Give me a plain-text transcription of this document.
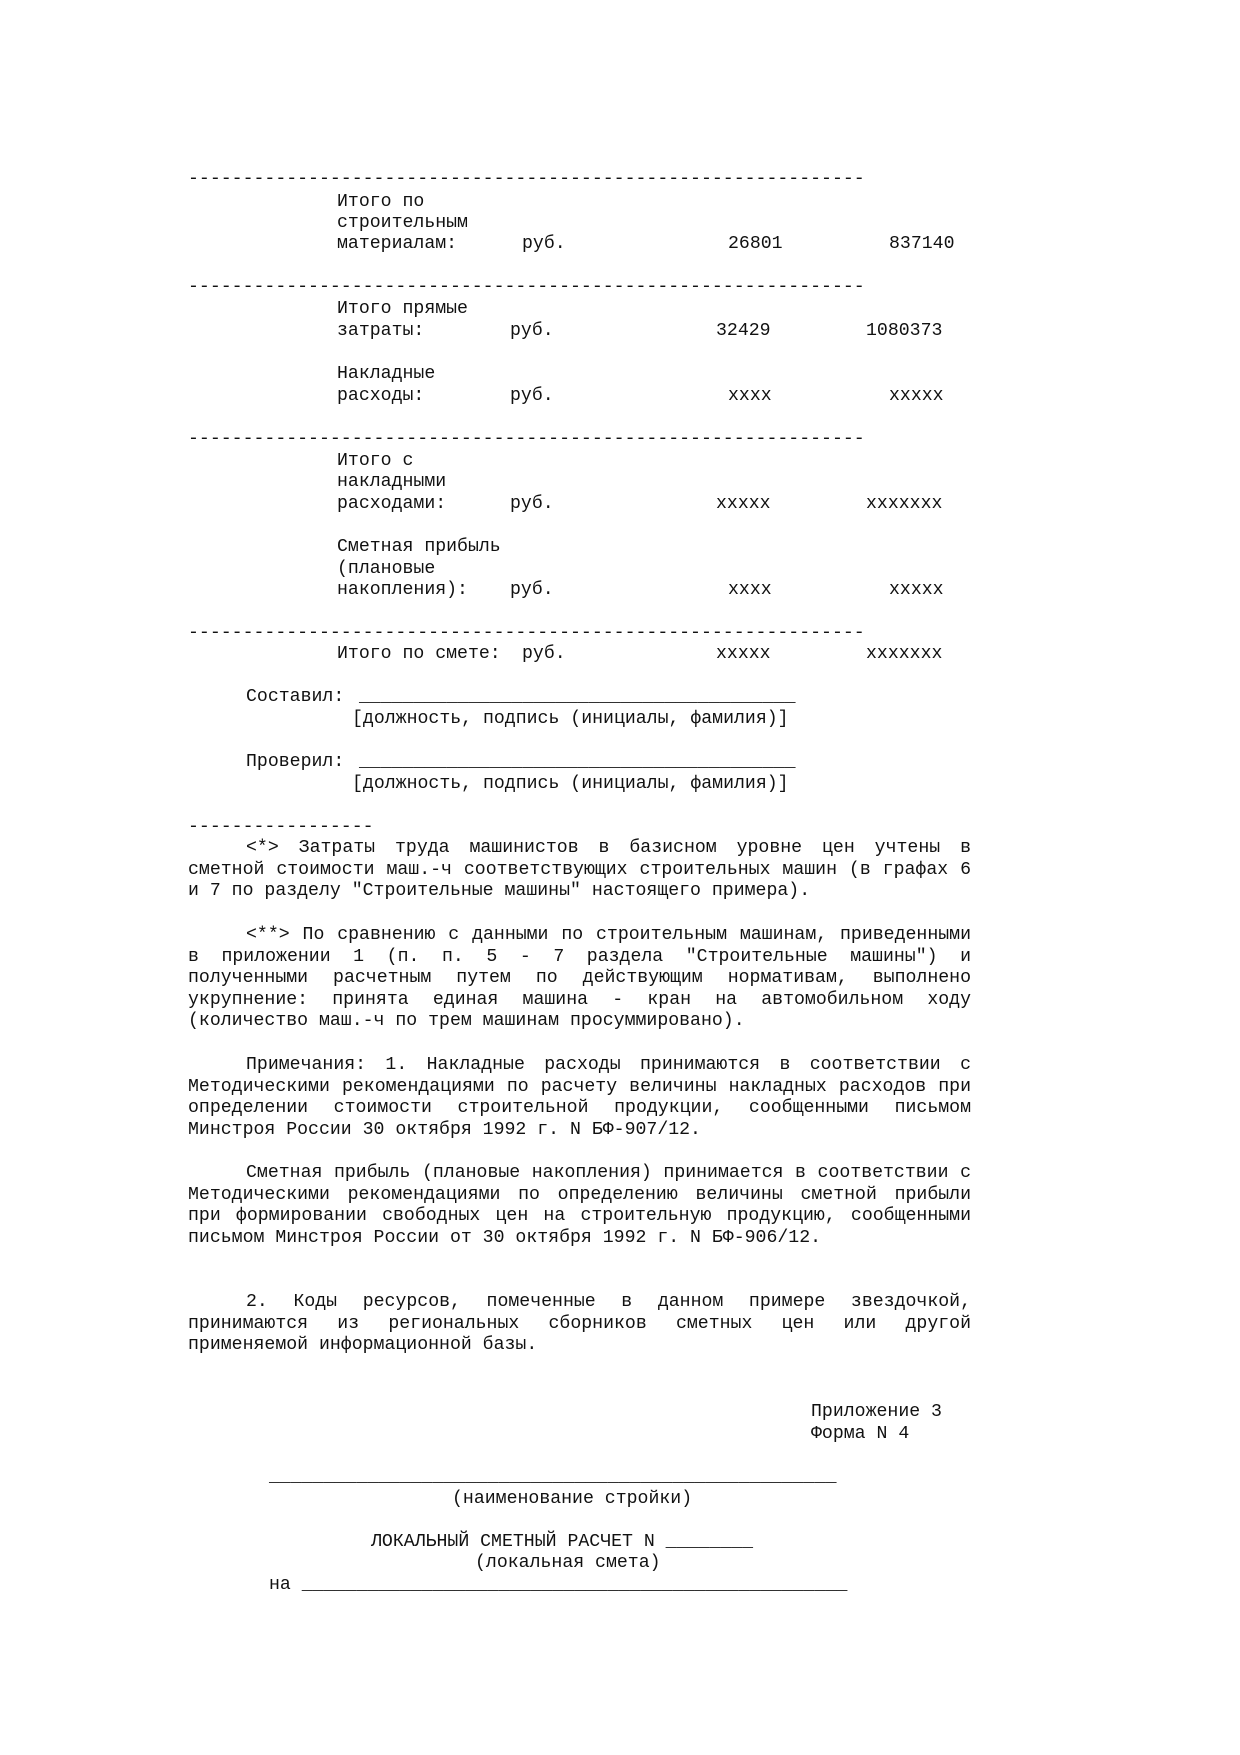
--------------------------------------------------------------
Итого по
строительным
материалам:	руб.	26801	837140
--------------------------------------------------------------
Итого прямые
затраты:	руб.	32429	1080373
Накладные
расходы:	руб.	хххх	ххххх
--------------------------------------------------------------
Итого с
накладными
расходами:	руб.	ххххх	ххххххх
Сметная прибыль
(плановые
накопления): руб.	хххх	ххххх
--------------------------------------------------------------
Итого по смете: руб.	ххххх	ххххххх
Составил: ________________________________________
[должность, подпись (инициалы, фамилия)]
Проверил: ________________________________________
[должность, подпись (инициалы, фамилия)]
-----------------

<*> Затраты труда машинистов в базисном уровне цен учтены в сметной стоимости маш.-ч соответствующих строительных машин (в графах 6 и 7 по разделу "Строительные машины" настоящего примера).

<**> По сравнению с данными по строительным машинам, приведенными в приложении 1 (п. п. 5 - 7 раздела "Строительные машины") и полученными расчетным путем по действующим нормативам, выполнено укрупнение: принята единая машина - кран на автомобильном ходу (количество маш.-ч по трем машинам просуммировано).

Примечания: 1. Накладные расходы принимаются в соответствии с Методическими рекомендациями по расчету величины накладных расходов при определении стоимости строительной продукции, сообщенными письмом Минстроя России 30 октября 1992 г. N БФ-907/12.

Сметная прибыль (плановые накопления) принимается в соответствии с Методическими рекомендациями по определению величины сметной прибыли при формировании свободных цен на строительную продукцию, сообщенными письмом Минстроя России от 30 октября 1992 г. N БФ-906/12.

2. Коды ресурсов, помеченные в данном примере звездочкой, принимаются из региональных сборников сметных цен или другой применяемой информационной базы.

Приложение 3
Форма N 4
____________________________________________________
(наименование стройки)
ЛОКАЛЬНЫЙ СМЕТНЫЙ РАСЧЕТ N ________
(локальная смета)
на __________________________________________________
